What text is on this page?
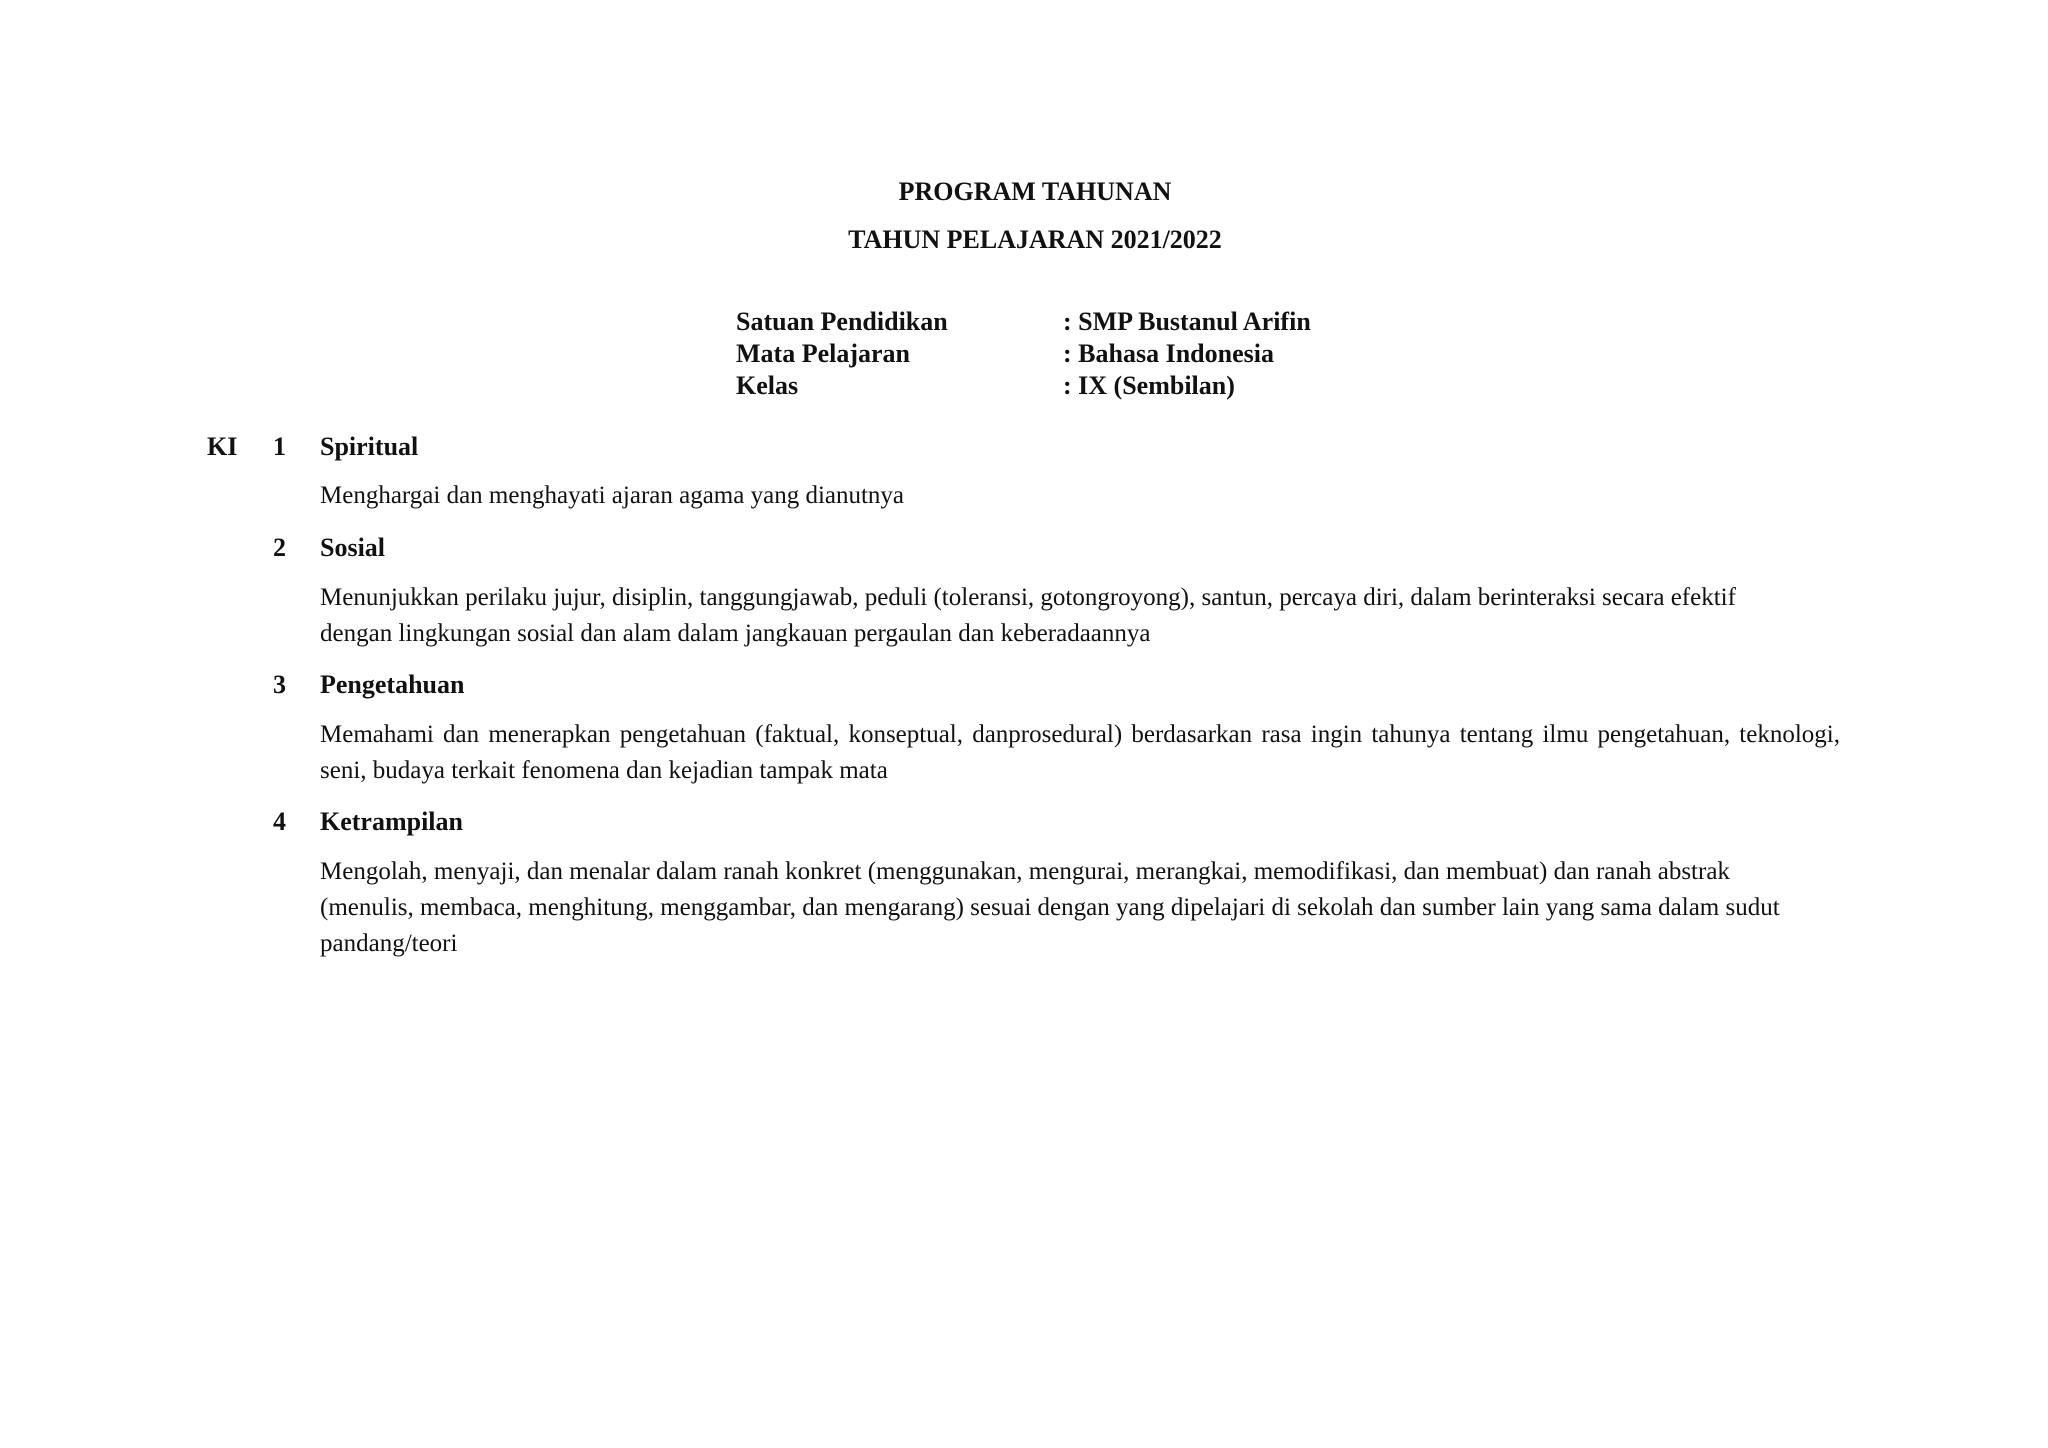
PROGRAM TAHUNAN
TAHUN PELAJARAN 2021/2022
Satuan Pendidikan	: SMP Bustanul Arifin
Mata Pelajaran	: Bahasa Indonesia
Kelas	: IX (Sembilan)
KI 1 Spiritual

Menghargai dan menghayati ajaran agama yang dianutnya

2 Sosial

Menunjukkan perilaku jujur, disiplin, tanggungjawab, peduli (toleransi, gotongroyong), santun, percaya diri, dalam berinteraksi secara efektif dengan lingkungan sosial dan alam dalam jangkauan pergaulan dan keberadaannya

3 Pengetahuan

Memahami dan menerapkan pengetahuan (faktual, konseptual, danprosedural) berdasarkan rasa ingin tahunya tentang ilmu pengetahuan, teknologi, seni, budaya terkait fenomena dan kejadian tampak mata

4 Ketrampilan

Mengolah, menyaji, dan menalar dalam ranah konkret (menggunakan, mengurai, merangkai, memodifikasi, dan membuat) dan ranah abstrak (menulis, membaca, menghitung, menggambar, dan mengarang) sesuai dengan yang dipelajari di sekolah dan sumber lain yang sama dalam sudut pandang/teori
